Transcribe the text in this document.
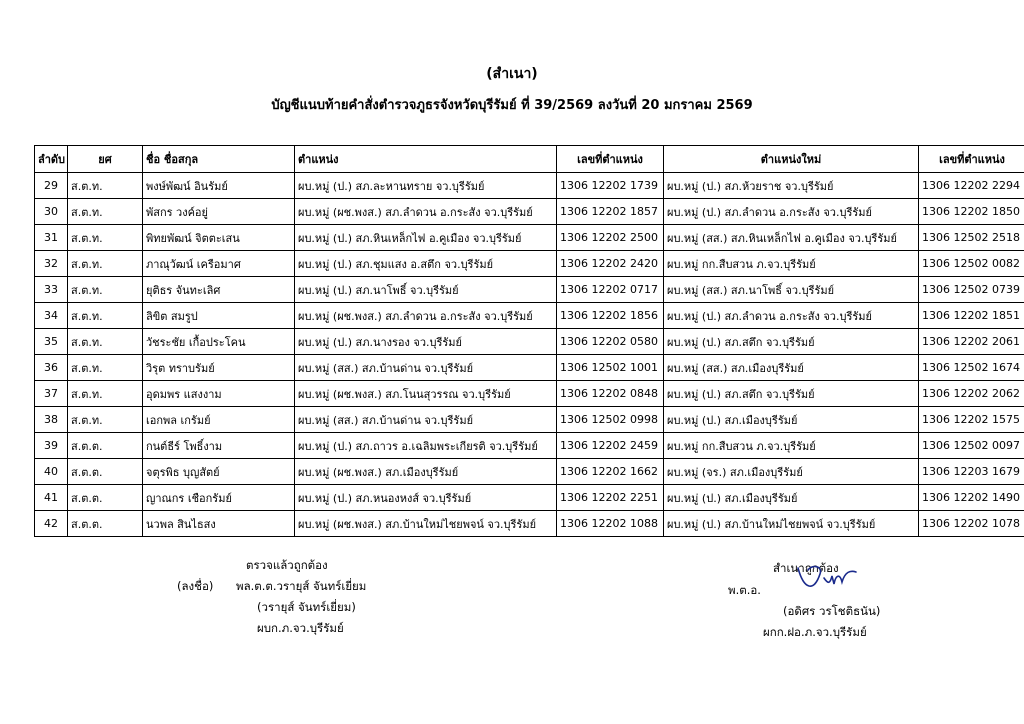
(สำเนา)
บัญชีแนบท้ายคำสั่งตำรวจภูธรจังหวัดบุรีรัมย์ ที่ 39/2569 ลงวันที่ 20 มกราคม 2569
ลำดับ	ยศ	ชื่อ ชื่อสกุล	ตำแหน่ง	เลขที่ตำแหน่ง	ตำแหน่งใหม่	เลขที่ตำแหน่ง
29	ส.ต.ท.	พงษ์พัฒน์ อินรัมย์	ผบ.หมู่ (ป.) สภ.ละหานทราย จว.บุรีรัมย์	1306 12202 1739	ผบ.หมู่ (ป.) สภ.ห้วยราช จว.บุรีรัมย์	1306 12202 2294
30	ส.ต.ท.	พัสกร วงค์อยู่	ผบ.หมู่ (ผช.พงส.) สภ.ลำดวน อ.กระสัง จว.บุรีรัมย์	1306 12202 1857	ผบ.หมู่ (ป.) สภ.ลำดวน อ.กระสัง จว.บุรีรัมย์	1306 12202 1850
31	ส.ต.ท.	พิทยพัฒน์ จิตตะเสน	ผบ.หมู่ (ป.) สภ.หินเหล็กไฟ อ.คูเมือง จว.บุรีรัมย์	1306 12202 2500	ผบ.หมู่ (สส.) สภ.หินเหล็กไฟ อ.คูเมือง จว.บุรีรัมย์	1306 12502 2518
32	ส.ต.ท.	ภาณุวัฒน์ เครือมาศ	ผบ.หมู่ (ป.) สภ.ชุมแสง อ.สตึก จว.บุรีรัมย์	1306 12202 2420	ผบ.หมู่ กก.สืบสวน ภ.จว.บุรีรัมย์	1306 12502 0082
33	ส.ต.ท.	ยุติธร จันทะเลิศ	ผบ.หมู่ (ป.) สภ.นาโพธิ์ จว.บุรีรัมย์	1306 12202 0717	ผบ.หมู่ (สส.) สภ.นาโพธิ์ จว.บุรีรัมย์	1306 12502 0739
34	ส.ต.ท.	ลิขิต สมรูป	ผบ.หมู่ (ผช.พงส.) สภ.ลำดวน อ.กระสัง จว.บุรีรัมย์	1306 12202 1856	ผบ.หมู่ (ป.) สภ.ลำดวน อ.กระสัง จว.บุรีรัมย์	1306 12202 1851
35	ส.ต.ท.	วัชระชัย เกื้อประโคน	ผบ.หมู่ (ป.) สภ.นางรอง จว.บุรีรัมย์	1306 12202 0580	ผบ.หมู่ (ป.) สภ.สตึก จว.บุรีรัมย์	1306 12202 2061
36	ส.ต.ท.	วิรุต ทราบรัมย์	ผบ.หมู่ (สส.) สภ.บ้านด่าน จว.บุรีรัมย์	1306 12502 1001	ผบ.หมู่ (สส.) สภ.เมืองบุรีรัมย์	1306 12502 1674
37	ส.ต.ท.	อุดมพร แสงงาม	ผบ.หมู่ (ผช.พงส.) สภ.โนนสุวรรณ จว.บุรีรัมย์	1306 12202 0848	ผบ.หมู่ (ป.) สภ.สตึก จว.บุรีรัมย์	1306 12202 2062
38	ส.ต.ท.	เอกพล เกรัมย์	ผบ.หมู่ (สส.) สภ.บ้านด่าน จว.บุรีรัมย์	1306 12502 0998	ผบ.หมู่ (ป.) สภ.เมืองบุรีรัมย์	1306 12202 1575
39	ส.ต.ต.	กนต์ธีร์ โพธิ์งาม	ผบ.หมู่ (ป.) สภ.ถาวร อ.เฉลิมพระเกียรติ จว.บุรีรัมย์	1306 12202 2459	ผบ.หมู่ กก.สืบสวน ภ.จว.บุรีรัมย์	1306 12502 0097
40	ส.ต.ต.	จตุรพิธ บุญสัตย์	ผบ.หมู่ (ผช.พงส.) สภ.เมืองบุรีรัมย์	1306 12202 1662	ผบ.หมู่ (จร.) สภ.เมืองบุรีรัมย์	1306 12203 1679
41	ส.ต.ต.	ญาณกร เชือกรัมย์	ผบ.หมู่ (ป.) สภ.หนองหงส์ จว.บุรีรัมย์	1306 12202 2251	ผบ.หมู่ (ป.) สภ.เมืองบุรีรัมย์	1306 12202 1490
42	ส.ต.ต.	นวพล สินไธสง	ผบ.หมู่ (ผช.พงส.) สภ.บ้านใหม่ไชยพจน์ จว.บุรีรัมย์	1306 12202 1088	ผบ.หมู่ (ป.) สภ.บ้านใหม่ไชยพจน์ จว.บุรีรัมย์	1306 12202 1078
ตรวจแล้วถูกต้อง
(ลงชื่อ) พล.ต.ต.วรายุส์ จันทร์เยี่ยม
(วรายุส์ จันทร์เยี่ยม)
ผบก.ภ.จว.บุรีรัมย์
สำเนาถูกต้อง
พ.ต.อ.
(อดิศร วรโชติธนัน)
ผกก.ฝอ.ภ.จว.บุรีรัมย์
